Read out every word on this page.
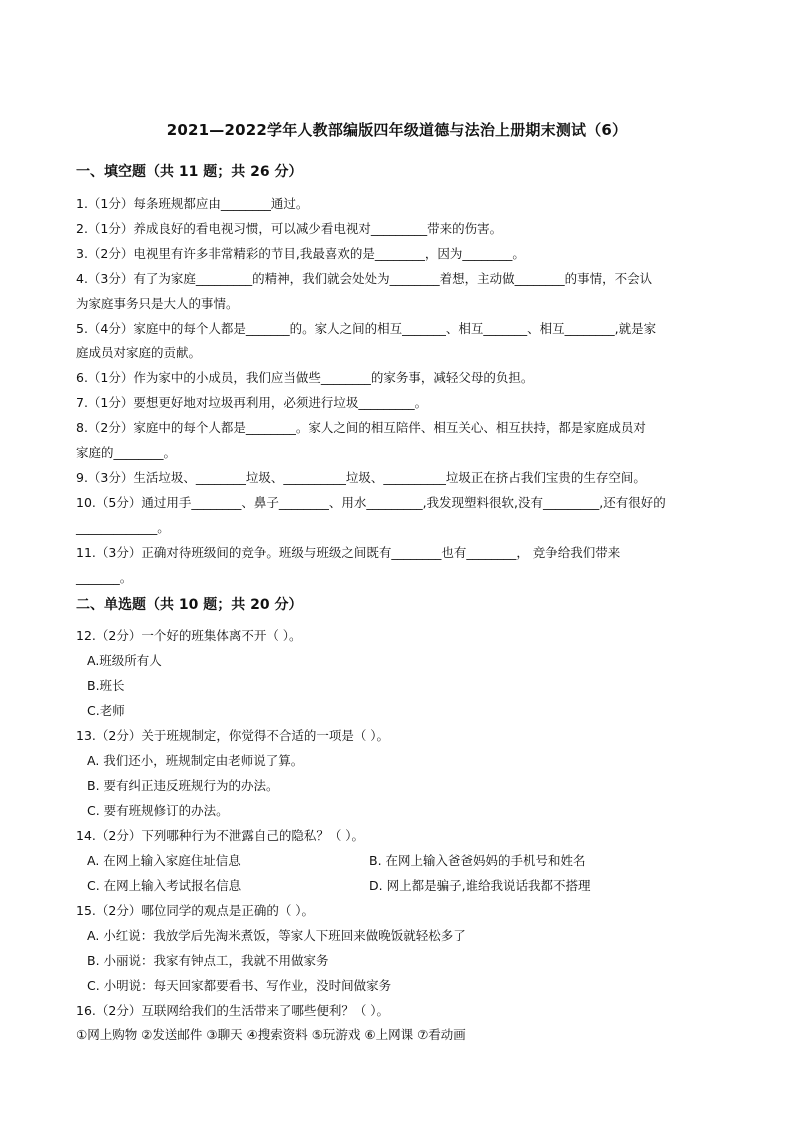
2021—2022学年人教部编版四年级道德与法治上册期末测试（6）
一、填空题（共 11 题；共 26 分）
1.（1分）每条班规都应由________通过。
2.（1分）养成良好的看电视习惯，可以减少看电视对_________带来的伤害。
3.（2分）电视里有许多非常精彩的节目,我最喜欢的是________，因为________。
4.（3分）有了为家庭_________的精神，我们就会处处为________着想，主动做________的事情，不会认
为家庭事务只是大人的事情。
5.（4分）家庭中的每个人都是_______的。家人之间的相互_______、相互_______、相互________,就是家
庭成员对家庭的贡献。
6.（1分）作为家中的小成员，我们应当做些________的家务事，减轻父母的负担。
7.（1分）要想更好地对垃圾再利用，必须进行垃圾_________。
8.（2分）家庭中的每个人都是________。家人之间的相互陪伴、相互关心、相互扶持，都是家庭成员对
家庭的________。
9.（3分）生活垃圾、________垃圾、__________垃圾、__________垃圾正在挤占我们宝贵的生存空间。
10.（5分）通过用手________、鼻子________、用水_________,我发现塑料很软,没有_________,还有很好的
_____________。
11.（3分）正确对待班级间的竞争。班级与班级之间既有________也有________， 竞争给我们带来
_______。
二、单选题（共 10 题；共 20 分）
12.（2分）一个好的班集体离不开（ ）。
A.班级所有人
B.班长
C.老师
13.（2分）关于班规制定，你觉得不合适的一项是（ ）。
A. 我们还小，班规制定由老师说了算。
B. 要有纠正违反班规行为的办法。
C. 要有班规修订的办法。
14.（2分）下列哪种行为不泄露自己的隐私？（ ）。
A. 在网上输入家庭住址信息	B. 在网上输入爸爸妈妈的手机号和姓名
C. 在网上输入考试报名信息	D. 网上都是骗子,谁给我说话我都不搭理
15.（2分）哪位同学的观点是正确的（ ）。
A. 小红说：我放学后先淘米煮饭，等家人下班回来做晚饭就轻松多了
B. 小丽说：我家有钟点工，我就不用做家务
C. 小明说：每天回家都要看书、写作业，没时间做家务
16.（2分）互联网给我们的生活带来了哪些便利？（ ）。
①网上购物 ②发送邮件 ③聊天 ④搜索资料 ⑤玩游戏 ⑥上网课 ⑦看动画
